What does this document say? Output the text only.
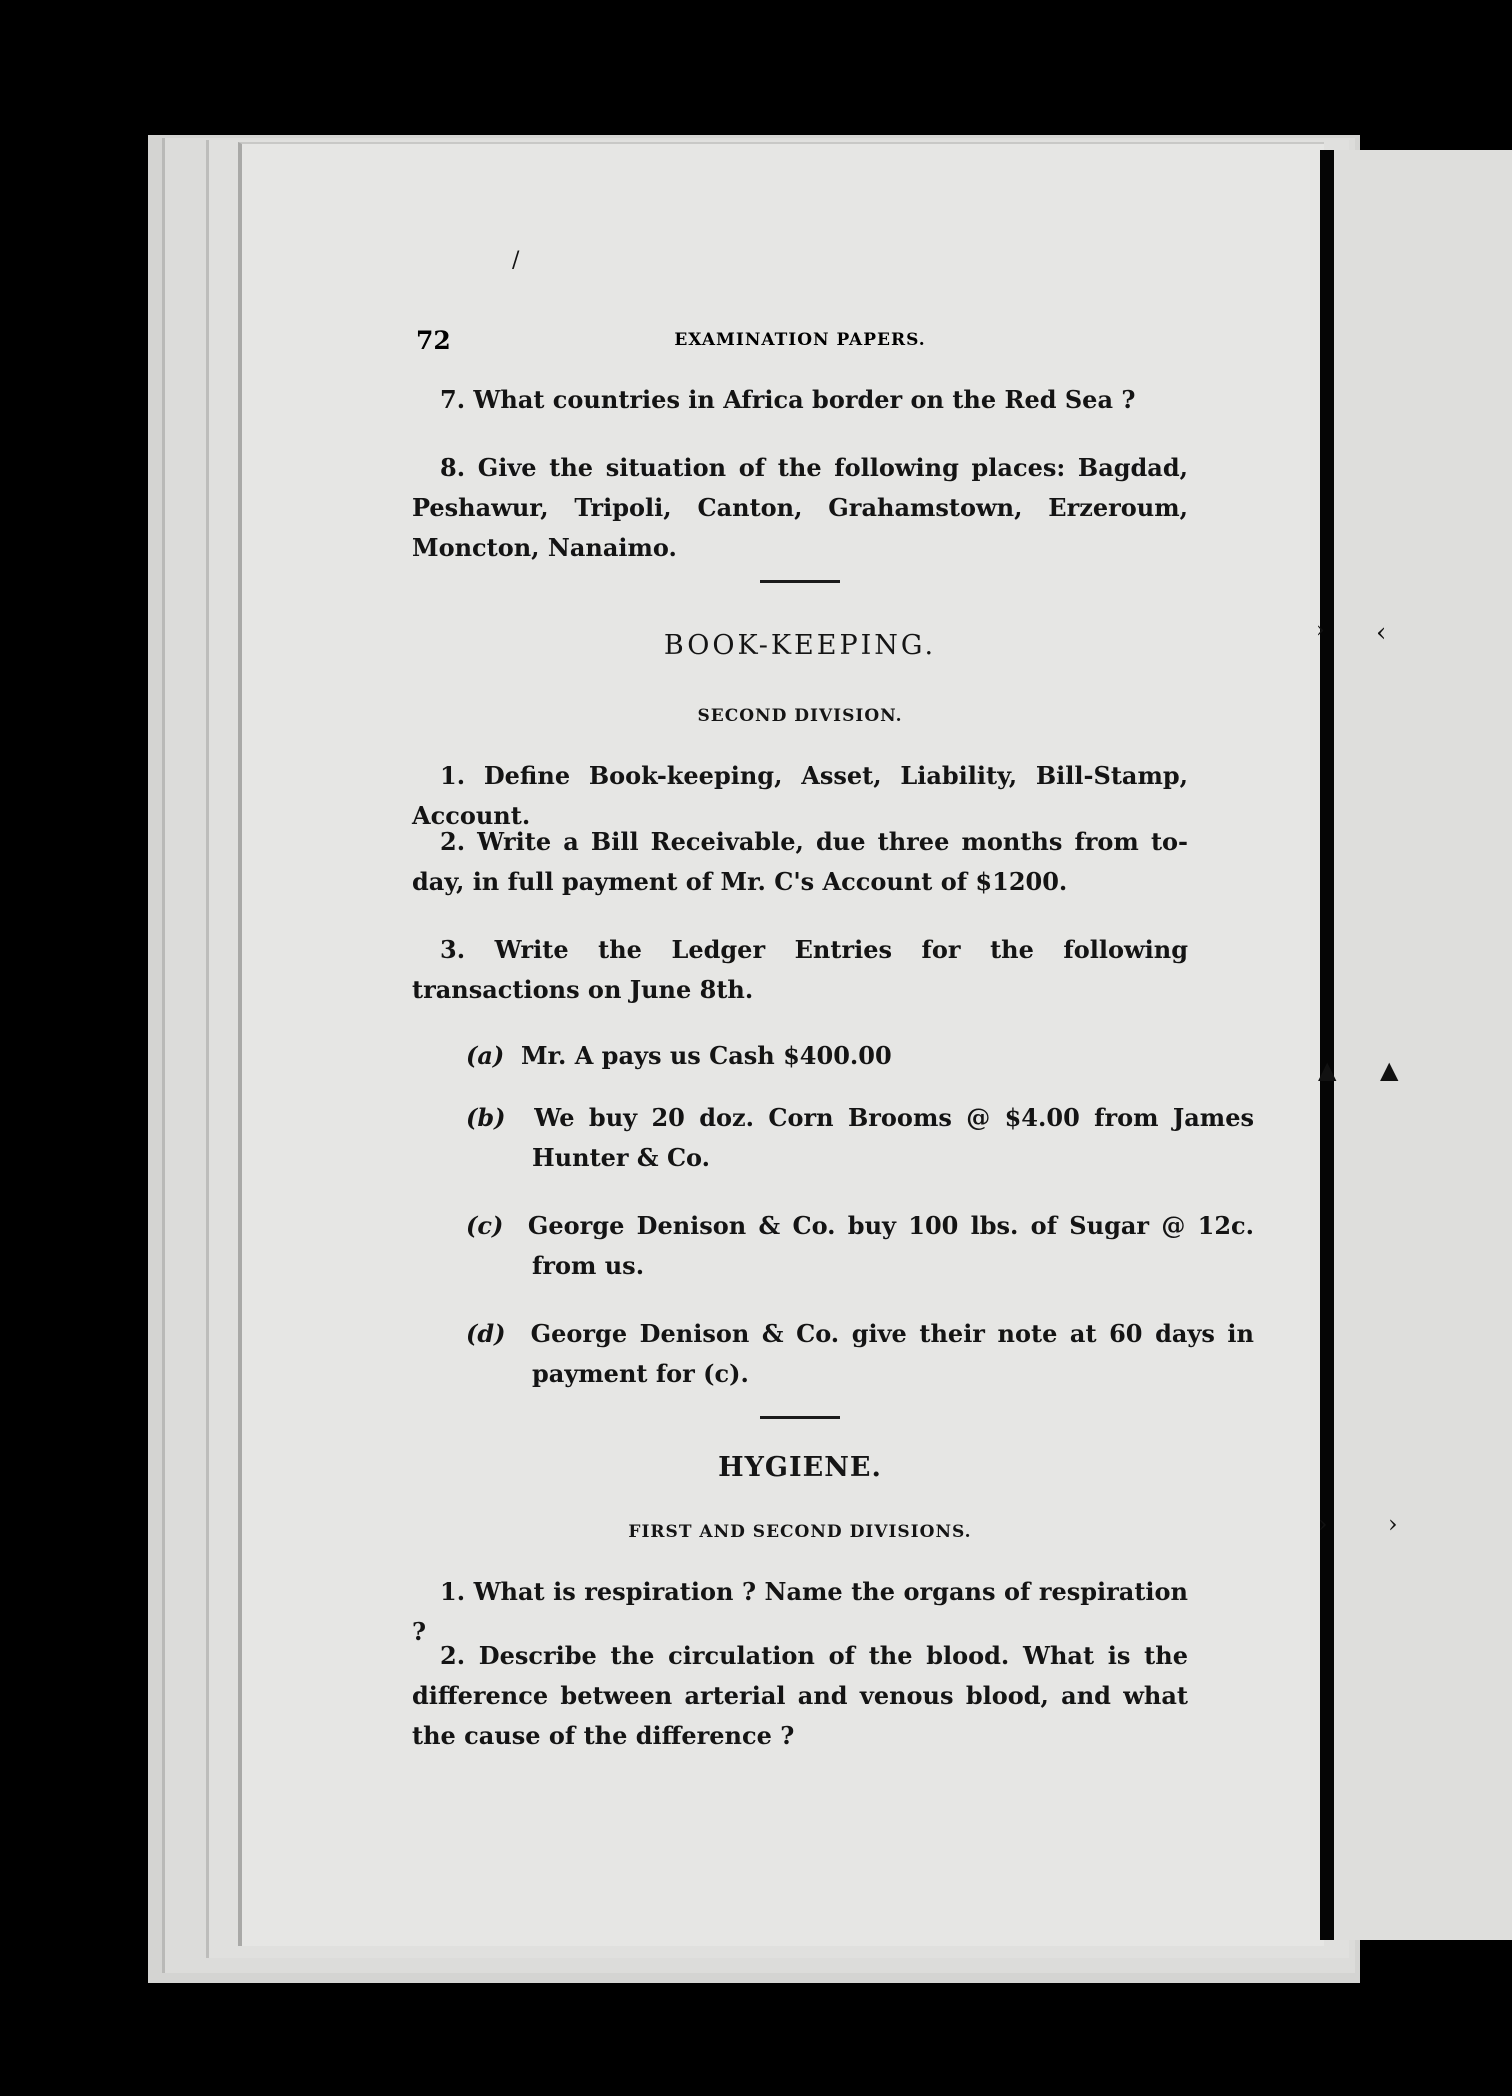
/
› ‹
▲ ▲
›	›
72	EXAMINATION PAPERS.
7. What countries in Africa border on the Red Sea ?
8. Give the situation of the following places: Bagdad, Peshawur, Tripoli, Canton, Grahamstown, Erzeroum, Moncton, Nanaimo.
BOOK-KEEPING.
SECOND DIVISION.
1. Define Book-keeping, Asset, Liability, Bill-Stamp, Account.
2. Write a Bill Receivable, due three months from to-day, in full payment of Mr. C's Account of $1200.
3. Write the Ledger Entries for the following transactions on June 8th.
(a) Mr. A pays us Cash $400.00
(b) We buy 20 doz. Corn Brooms @ $4.00 from James Hunter & Co.
(c) George Denison & Co. buy 100 lbs. of Sugar @ 12c. from us.
(d) George Denison & Co. give their note at 60 days in payment for (c).
HYGIENE.
FIRST AND SECOND DIVISIONS.
1. What is respiration ? Name the organs of respiration ?
2. Describe the circulation of the blood. What is the difference between arterial and venous blood, and what the cause of the difference ?
